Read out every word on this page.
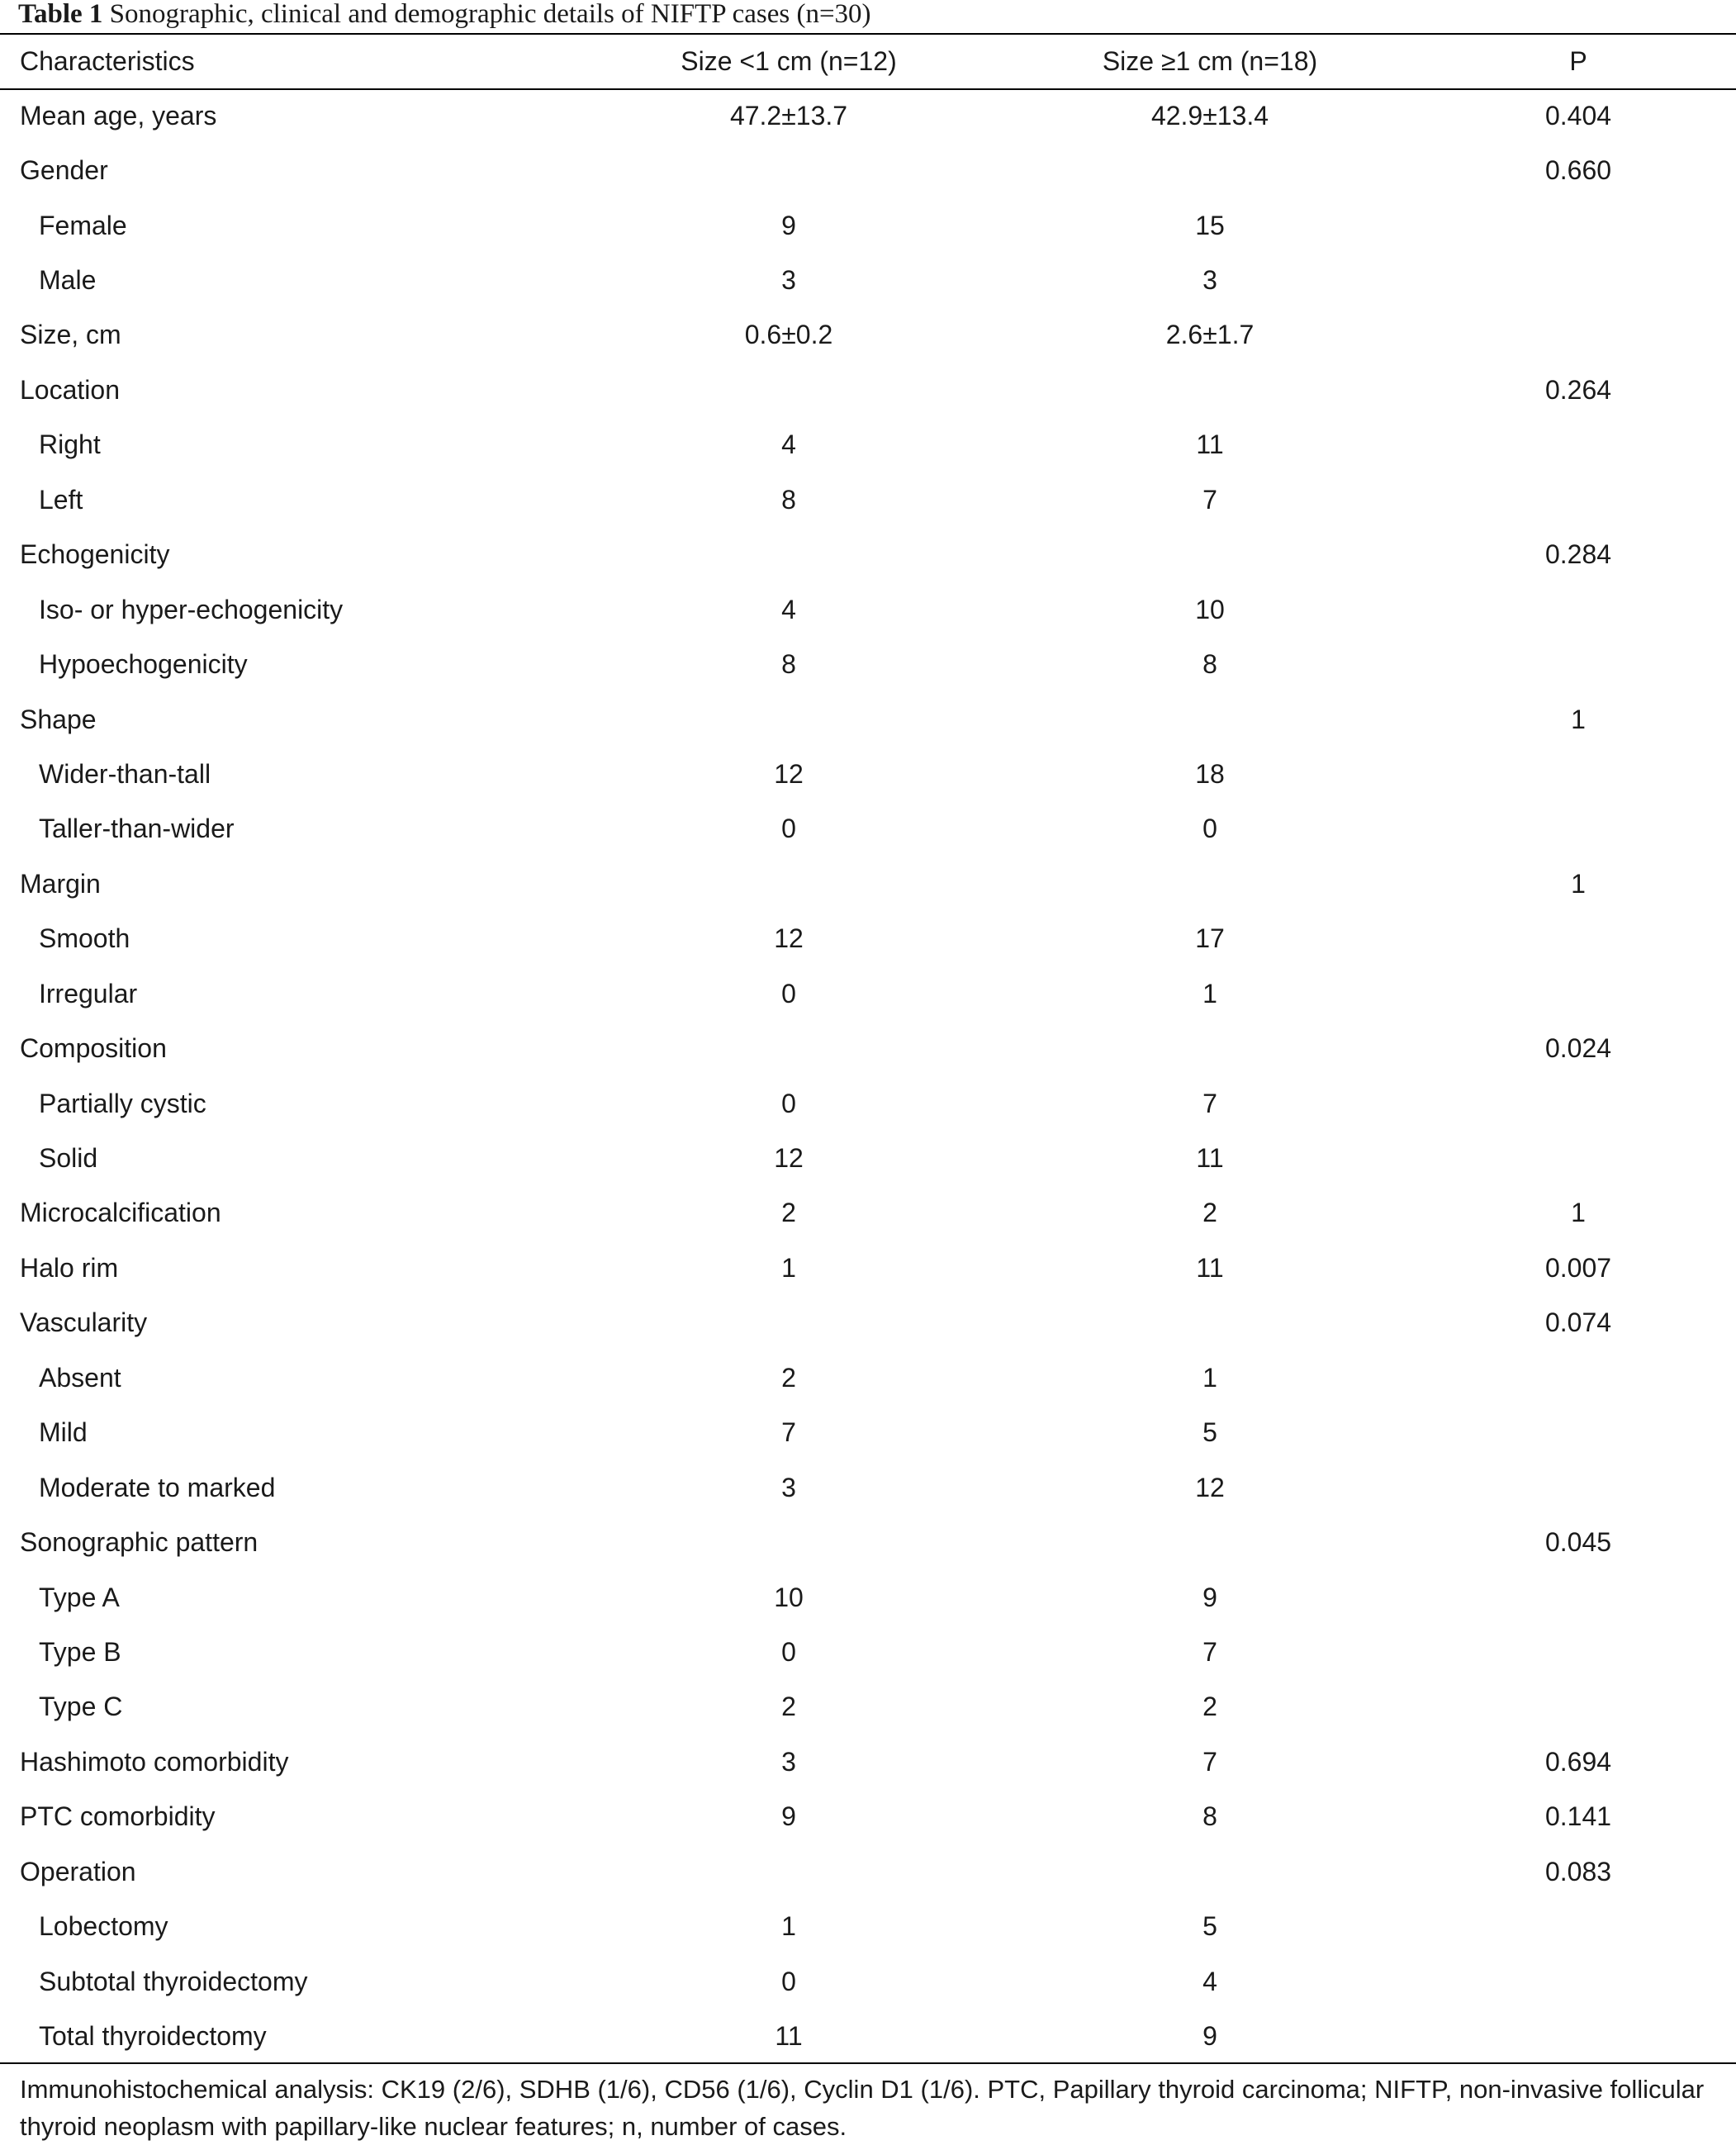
Table 1 Sonographic, clinical and demographic details of NIFTP cases (n=30)
Characteristics	Size <1 cm (n=12)	Size ≥1 cm (n=18)	P
Mean age, years	47.2±13.7	42.9±13.4	0.404
Gender			0.660
Female	9	15	
Male	3	3	
Size, cm	0.6±0.2	2.6±1.7	
Location			0.264
Right	4	11	
Left	8	7	
Echogenicity			0.284
Iso- or hyper-echogenicity	4	10	
Hypoechogenicity	8	8	
Shape			1
Wider-than-tall	12	18	
Taller-than-wider	0	0	
Margin			1
Smooth	12	17	
Irregular	0	1	
Composition			0.024
Partially cystic	0	7	
Solid	12	11	
Microcalcification	2	2	1
Halo rim	1	11	0.007
Vascularity			0.074
Absent	2	1	
Mild	7	5	
Moderate to marked	3	12	
Sonographic pattern			0.045
Type A	10	9	
Type B	0	7	
Type C	2	2	
Hashimoto comorbidity	3	7	0.694
PTC comorbidity	9	8	0.141
Operation			0.083
Lobectomy	1	5	
Subtotal thyroidectomy	0	4	
Total thyroidectomy	11	9	
Immunohistochemical analysis: CK19 (2/6), SDHB (1/6), CD56 (1/6), Cyclin D1 (1/6). PTC, Papillary thyroid carcinoma; NIFTP, non-invasive follicular thyroid neoplasm with papillary-like nuclear features; n, number of cases.
